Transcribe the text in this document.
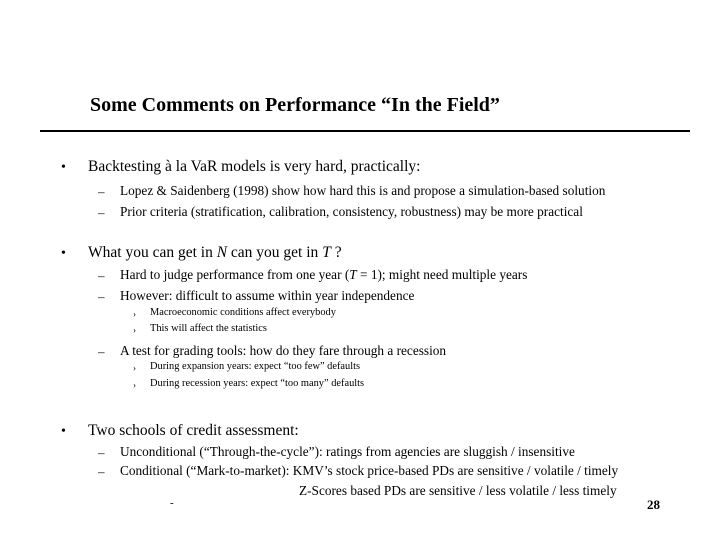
Some Comments on Performance “In the Field”
• Backtesting à la VaR models is very hard, practically:
– Lopez & Saidenberg (1998) show how hard this is and propose a simulation-based solution
– Prior criteria (stratification, calibration, consistency, robustness) may be more practical
• What you can get in N can you get in T ?
– Hard to judge performance from one year (T = 1); might need multiple years
– However: difficult to assume within year independence
› Macroeconomic conditions affect everybody
› This will affect the statistics
– A test for grading tools: how do they fare through a recession
› During expansion years: expect “too few” defaults
› During recession years: expect “too many” defaults
• Two schools of credit assessment:
– Unconditional (“Through-the-cycle”): ratings from agencies are sluggish / insensitive
– Conditional (“Mark-to-market): KMV’s stock price-based PDs are sensitive / volatile / timely
Z-Scores based PDs are sensitive / less volatile / less timely
-	28
